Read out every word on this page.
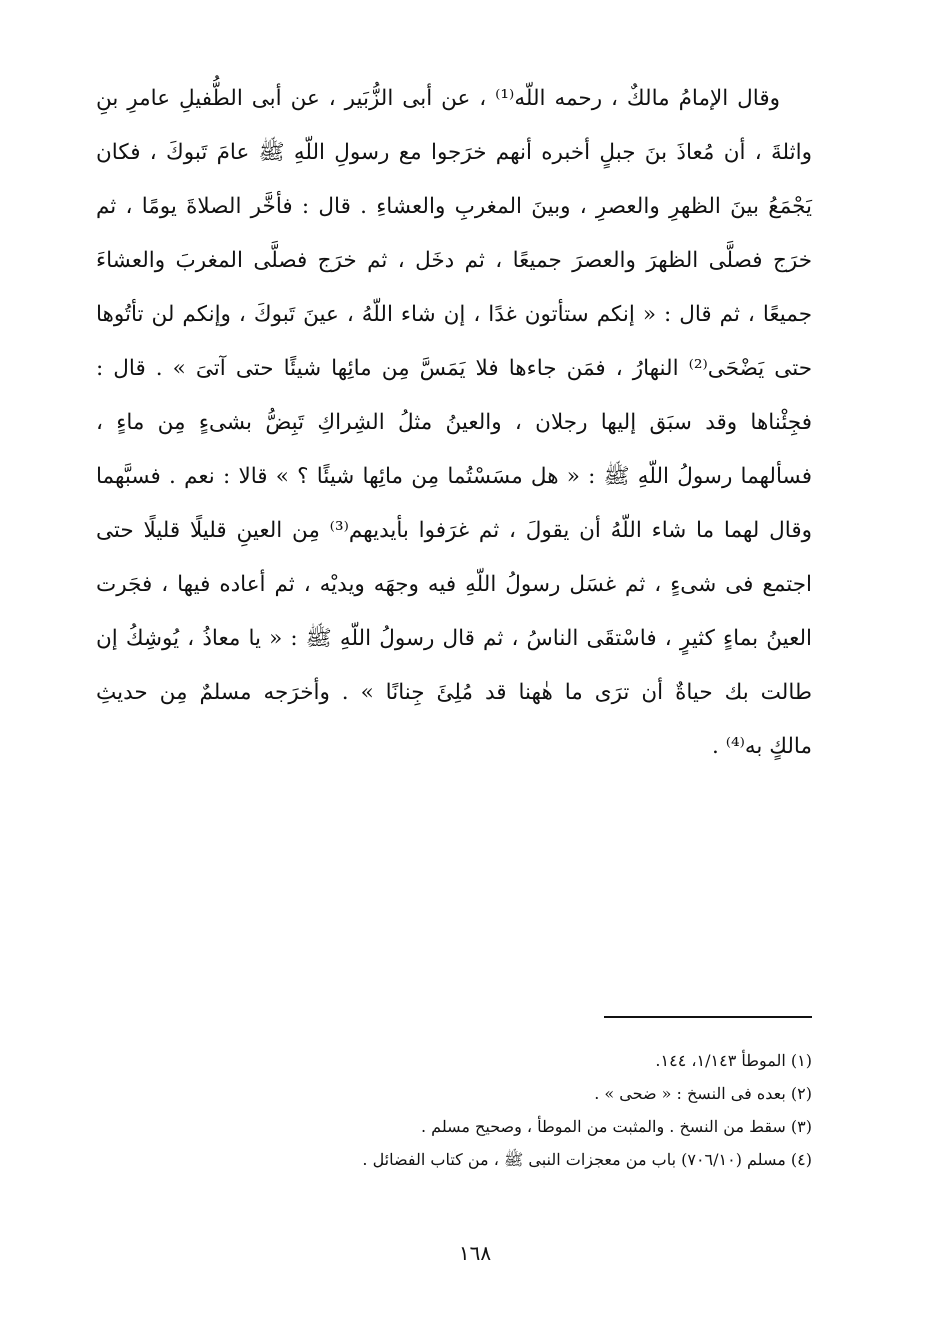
وقال الإمامُ مالكٌ ، رحمه اللّه⁽¹⁾ ، عن أبى الزُّبَير ، عن أبى الطُّفيلِ عامرِ بنِ
واثلةَ ، أن مُعاذَ بنَ جبلٍ أخبره أنهم خرَجوا مع رسولِ اللّهِ ﷺ عامَ تَبوكَ ، فكان
يَجْمَعُ بينَ الظهرِ والعصرِ ، وبينَ المغربِ والعشاءِ . قال : فأخَّر الصلاةَ يومًا ، ثم
خرَج فصلَّى الظهرَ والعصرَ جميعًا ، ثم دخَل ، ثم خرَج فصلَّى المغربَ والعشاءَ
جميعًا ، ثم قال : « إنكم ستأتون غدًا ، إن شاء اللّهُ ، عينَ تَبوكَ ، وإنكم لن تأتُوها
حتى يَضْحَى⁽²⁾ النهارُ ، فمَن جاءها فلا يَمَسَّ مِن مائِها شيئًا حتى آتىَ » . قال :
فجِئْناها وقد سبَق إليها رجلان ، والعينُ مثلُ الشِراكِ تَبِضُّ بشىءٍ مِن ماءٍ ،
فسألهما رسولُ اللّهِ ﷺ : « هل مسَسْتُما مِن مائِها شيئًا ؟ » قالا : نعم . فسبَّهما
وقال لهما ما شاء اللّهُ أن يقولَ ، ثم غرَفوا بأيديهم⁽³⁾ مِن العينِ قليلًا قليلًا حتى
اجتمع فى شىءٍ ، ثم غسَل رسولُ اللّهِ فيه وجهَه ويديْه ، ثم أعاده فيها ، فجَرت
العينُ بماءٍ كثيرٍ ، فاسْتقَى الناسُ ، ثم قال رسولُ اللّهِ ﷺ : « يا معاذُ ، يُوشِكُ إن
طالت بك حياةٌ أن ترَى ما هٰهنا قد مُلِئَ جِنانًا » . وأخرَجه مسلمٌ مِن حديثِ
مالكٍ به⁽⁴⁾ .
(١) الموطأ ١/١٤٣، ١٤٤.
(٢) بعده فى النسخ : « ضحى » .
(٣) سقط من النسخ . والمثبت من الموطأ ، وصحيح مسلم .
(٤) مسلم (٧٠٦/١٠) باب من معجزات النبى ﷺ ، من كتاب الفضائل .
١٦٨
